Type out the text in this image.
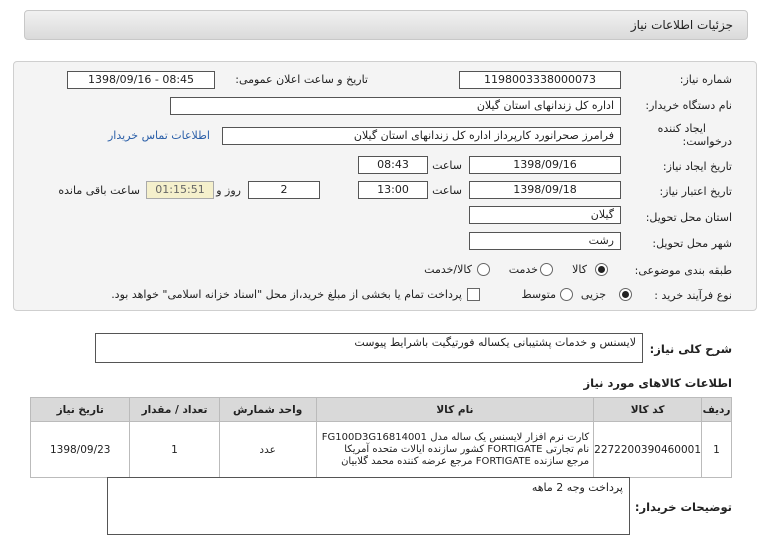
جزئیات اطلاعات نیاز
شماره نیاز:
1198003338000073
تاریخ و ساعت اعلان عمومی:
1398/09/16 - 08:45
نام دستگاه خریدار:
اداره کل زندانهای استان گیلان
ایجاد کننده
درخواست:
فرامرز صحرانورد کارپرداز اداره کل زندانهای استان گیلان
اطلاعات تماس خریدار
تاریخ ایجاد نیاز:
1398/09/16
ساعت
08:43
تاریخ اعتبار نیاز:
1398/09/18
ساعت
13:00
2
روز و
01:15:51
ساعت باقی مانده
استان محل تحویل:
گیلان
شهر محل تحویل:
رشت
طبقه بندی موضوعی:
کالا
خدمت
کالا/خدمت
نوع فرآیند خرید :
جزیی
متوسط
پرداخت تمام یا بخشی از مبلغ خرید،از محل "اسناد خزانه اسلامی" خواهد بود.
شرح کلی نیاز:
لایسنس و خدمات پشتیبانی یکساله فورتیگیت باشرایط پیوست
اطلاعات کالاهای مورد نیاز
ردیف	کد کالا	نام کالا	واحد شمارش	تعداد / مقدار	تاریخ نیاز
1	2272200390460001	کارت نرم افزار لایسنس یک ساله مدل FG100D3G16814001
نام تجارتی FORTIGATE کشور سازنده ایالات متحده آمریکا
مرجع سازنده FORTIGATE مرجع عرضه کننده محمد گلابیان	عدد	1	1398/09/23
توضیحات خریدار:
پرداخت وجه 2 ماهه
